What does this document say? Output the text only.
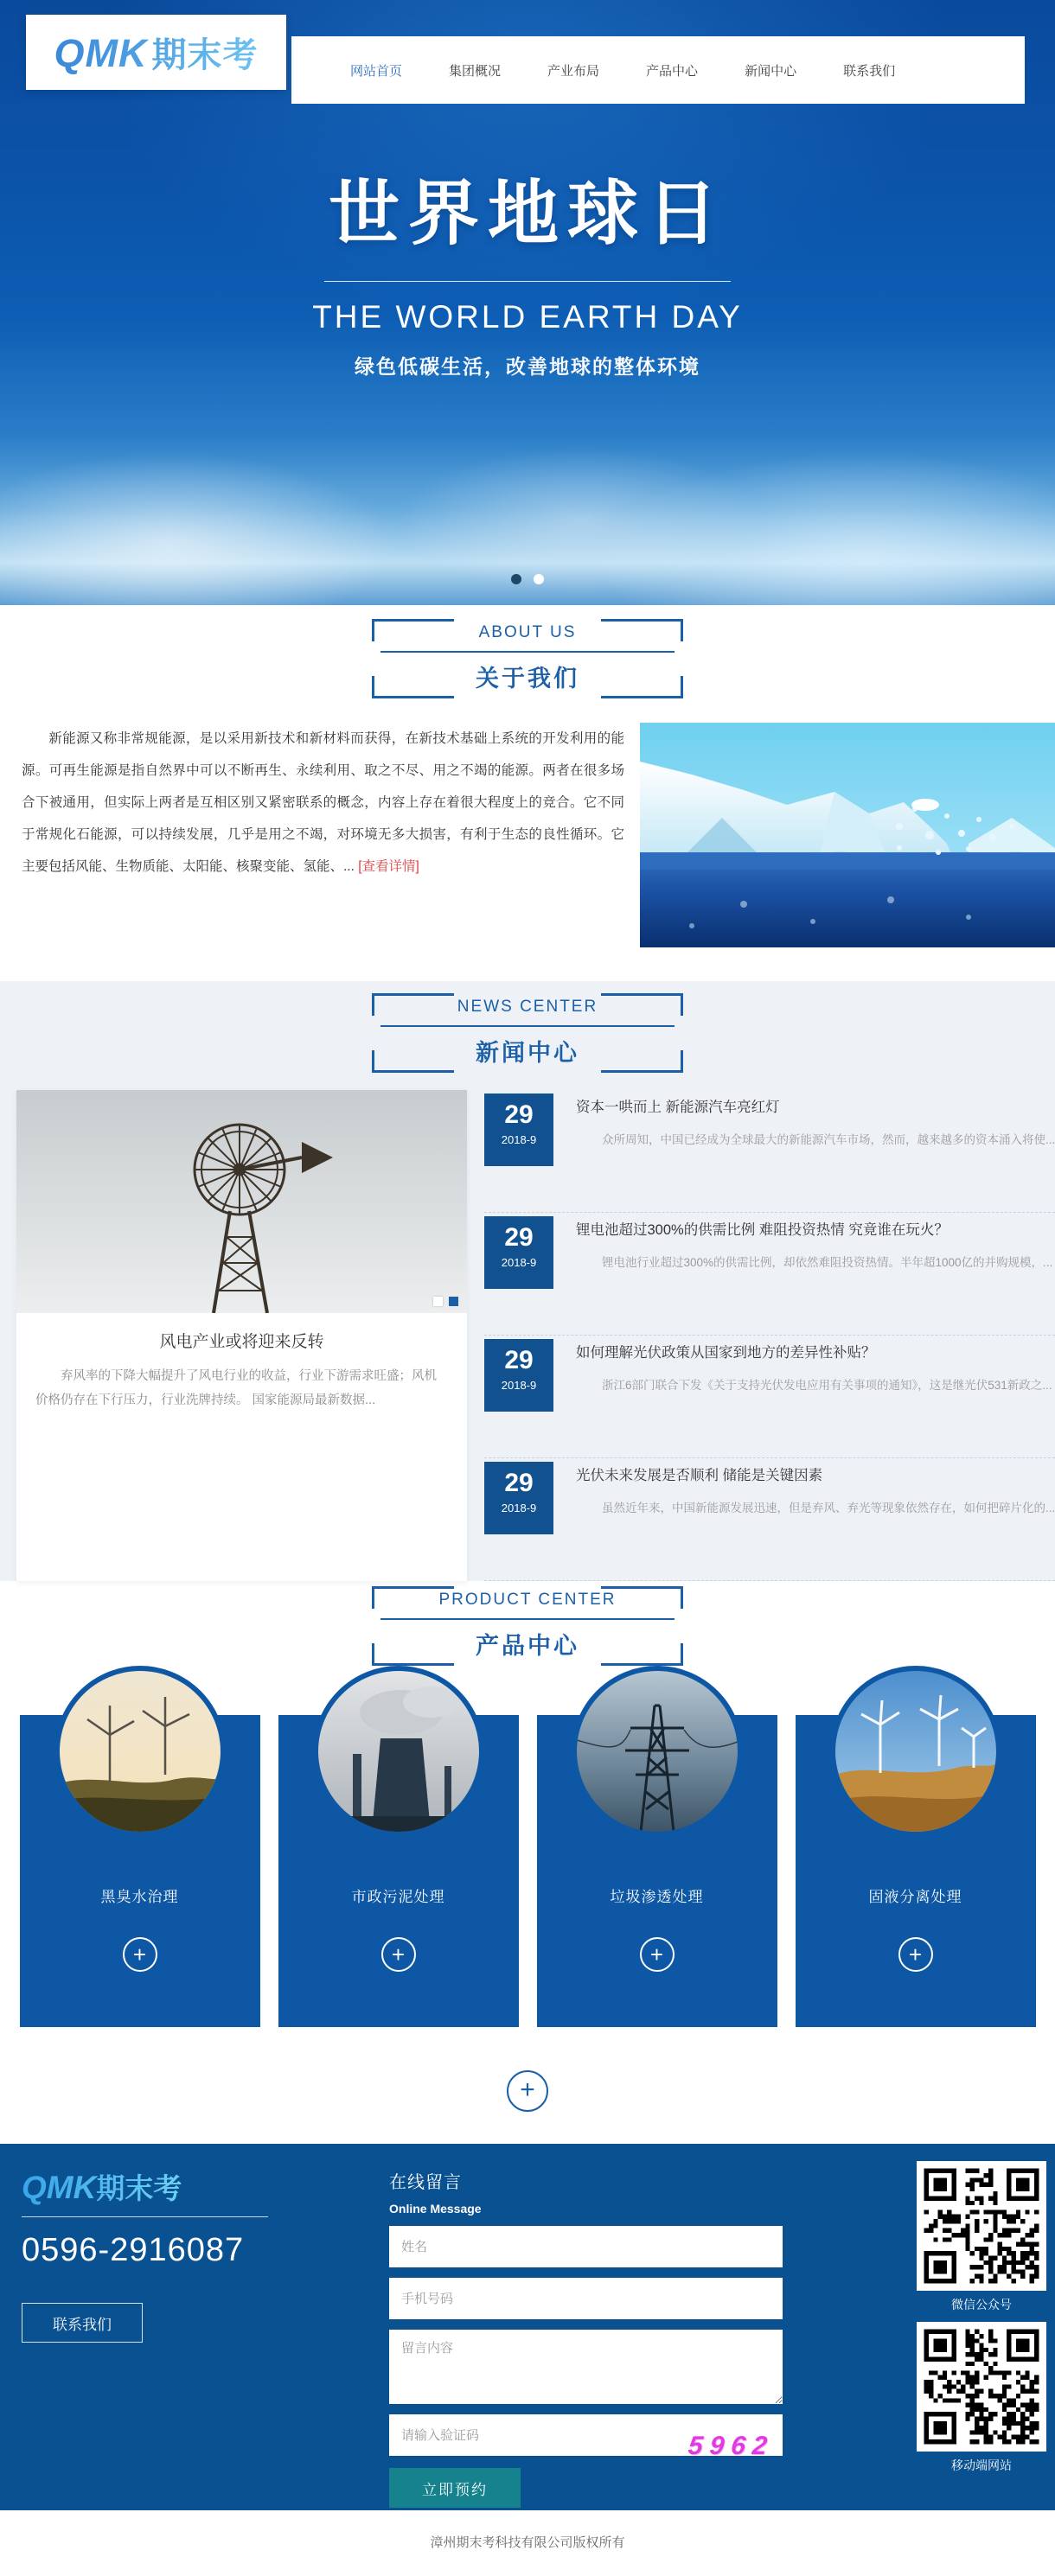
QMK 期末考	网站首页	集团概况	产业布局	产品中心	新闻中心	联系我们
世界地球日
THE WORLD EARTH DAY
绿色低碳生活，改善地球的整体环境
ABOUT US
关于我们
新能源又称非常规能源，是以采用新技术和新材料而获得，在新技术基础上系统的开发利用的能源。可再生能源是指自然界中可以不断再生、永续利用、取之不尽、用之不竭的能源。两者在很多场合下被通用，但实际上两者是互相区别又紧密联系的概念，内容上存在着很大程度上的竞合。它不同于常规化石能源，可以持续发展，几乎是用之不竭，对环境无多大损害，有利于生态的良性循环。它主要包括风能、生物质能、太阳能、核聚变能、氢能、... [查看详情]
NEWS CENTER
新闻中心
风电产业或将迎来反转
弃风率的下降大幅提升了风电行业的收益，行业下游需求旺盛；风机价格仍存在下行压力，行业洗牌持续。 国家能源局最新数据...
29
2018-9
资本一哄而上 新能源汽车亮红灯
众所周知，中国已经成为全球最大的新能源汽车市场，然而，越来越多的资本涌入将使...
29
2018-9
锂电池超过300%的供需比例 难阻投资热情 究竟谁在玩火？
锂电池行业超过300%的供需比例，却依然难阻投资热情。半年超1000亿的并购规模，...
29
2018-9
如何理解光伏政策从国家到地方的差异性补贴？
浙江6部门联合下发《关于支持光伏发电应用有关事项的通知》，这是继光伏531新政之...
29
2018-9
光伏未来发展是否顺利 储能是关键因素
虽然近年来，中国新能源发展迅速，但是弃风、弃光等现象依然存在，如何把碎片化的...
PRODUCT CENTER
产品中心
黑臭水治理
+
市政污泥处理
+
垃圾渗透处理
+
固液分离处理
+
+
QMK期末考
0596-2916087
联系我们
在线留言
Online Message
姓名
手机号码
留言内容
请输入验证码
5962
立即预约
微信公众号
移动端网站
漳州期末考科技有限公司版权所有
